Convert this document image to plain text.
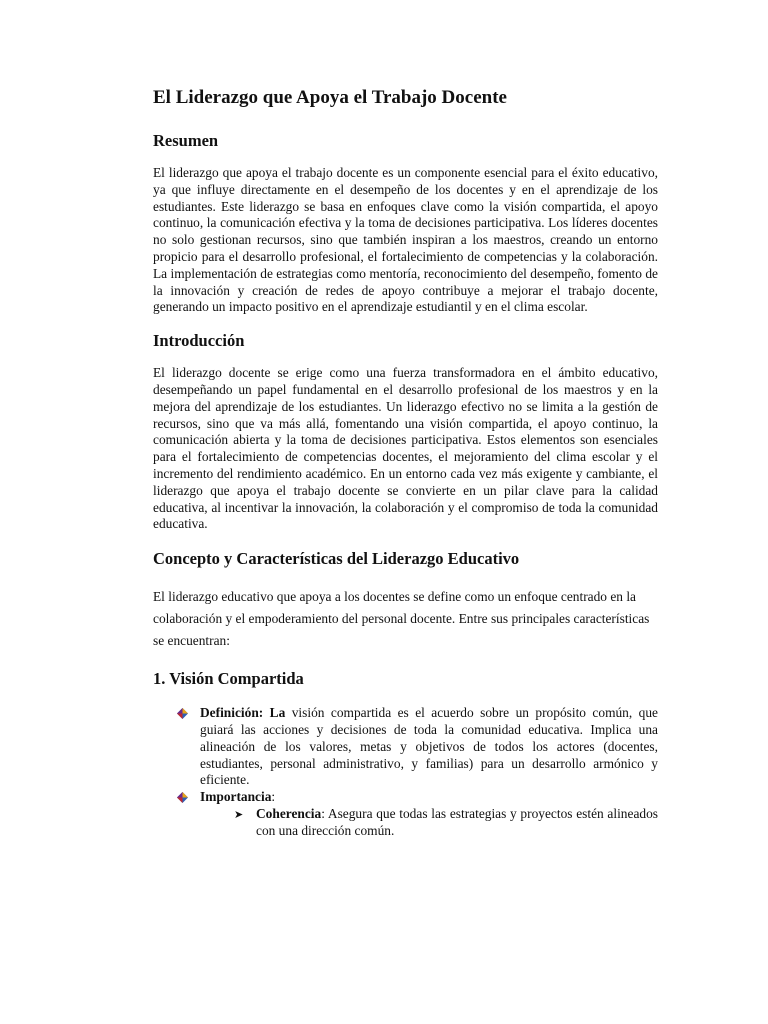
El Liderazgo que Apoya el Trabajo Docente
Resumen

El liderazgo que apoya el trabajo docente es un componente esencial para el éxito educativo, ya que influye directamente en el desempeño de los docentes y en el aprendizaje de los estudiantes. Este liderazgo se basa en enfoques clave como la visión compartida, el apoyo continuo, la comunicación efectiva y la toma de decisiones participativa. Los líderes docentes no solo gestionan recursos, sino que también inspiran a los maestros, creando un entorno propicio para el desarrollo profesional, el fortalecimiento de competencias y la colaboración. La implementación de estrategias como mentoría, reconocimiento del desempeño, fomento de la innovación y creación de redes de apoyo contribuye a mejorar el trabajo docente, generando un impacto positivo en el aprendizaje estudiantil y en el clima escolar.

Introducción

El liderazgo docente se erige como una fuerza transformadora en el ámbito educativo, desempeñando un papel fundamental en el desarrollo profesional de los maestros y en la mejora del aprendizaje de los estudiantes. Un liderazgo efectivo no se limita a la gestión de recursos, sino que va más allá, fomentando una visión compartida, el apoyo continuo, la comunicación abierta y la toma de decisiones participativa. Estos elementos son esenciales para el fortalecimiento de competencias docentes, el mejoramiento del clima escolar y el incremento del rendimiento académico. En un entorno cada vez más exigente y cambiante, el liderazgo que apoya el trabajo docente se convierte en un pilar clave para la calidad educativa, al incentivar la innovación, la colaboración y el compromiso de toda la comunidad educativa.

Concepto y Características del Liderazgo Educativo

El liderazgo educativo que apoya a los docentes se define como un enfoque centrado en la colaboración y el empoderamiento del personal docente. Entre sus principales características se encuentran:

1. Visión Compartida
Definición: La visión compartida es el acuerdo sobre un propósito común, que guiará las acciones y decisiones de toda la comunidad educativa. Implica una alineación de los valores, metas y objetivos de todos los actores (docentes, estudiantes, personal administrativo, y familias) para un desarrollo armónico y eficiente.
Importancia:
➤ Coherencia: Asegura que todas las estrategias y proyectos estén alineados con una dirección común.
